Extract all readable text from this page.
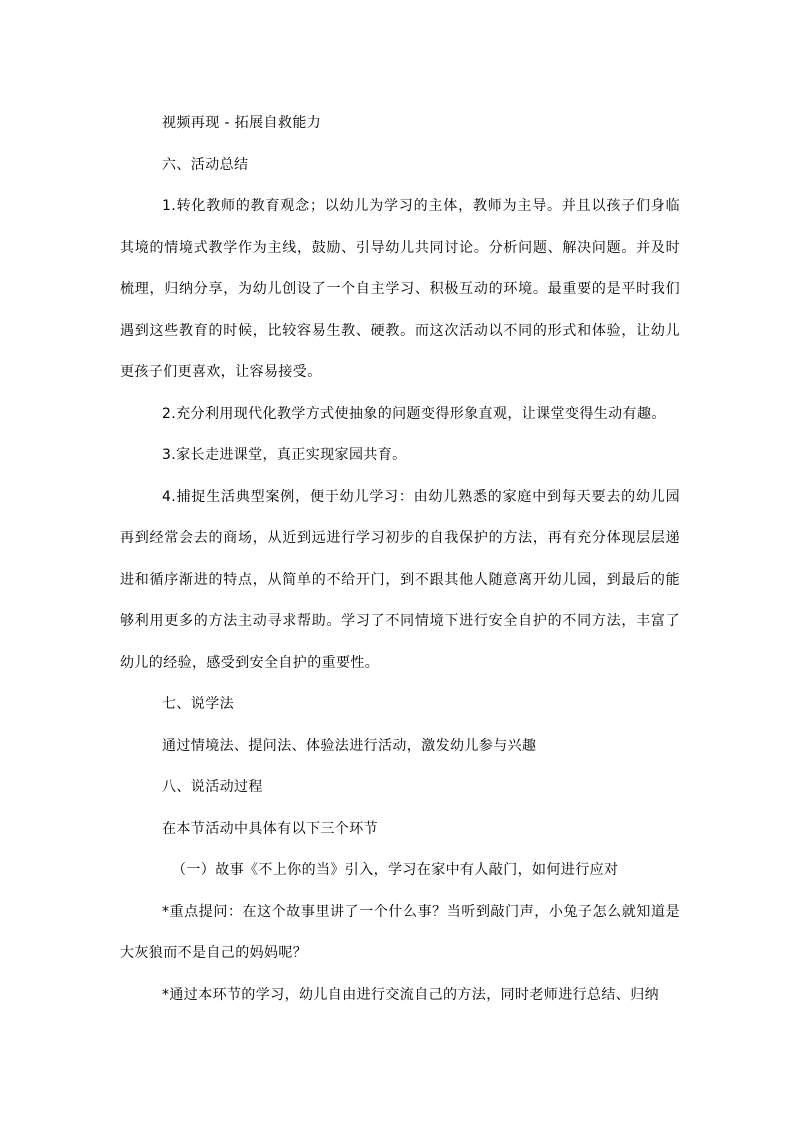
视频再现 - 拓展自救能力

六、活动总结

1.转化教师的教育观念；以幼儿为学习的主体，教师为主导。并且以孩子们身临其境的情境式教学作为主线，鼓励、引导幼儿共同讨论。分析问题、解决问题。并及时梳理，归纳分享，为幼儿创设了一个自主学习、积极互动的环境。最重要的是平时我们遇到这些教育的时候，比较容易生教、硬教。而这次活动以不同的形式和体验，让幼儿更孩子们更喜欢，让容易接受。

2.充分利用现代化教学方式使抽象的问题变得形象直观，让课堂变得生动有趣。

3.家长走进课堂，真正实现家园共育。

4.捕捉生活典型案例，便于幼儿学习：由幼儿熟悉的家庭中到每天要去的幼儿园再到经常会去的商场，从近到远进行学习初步的自我保护的方法，再有充分体现层层递进和循序渐进的特点，从简单的不给开门，到不跟其他人随意离开幼儿园，到最后的能够利用更多的方法主动寻求帮助。学习了不同情境下进行安全自护的不同方法，丰富了幼儿的经验，感受到安全自护的重要性。

七、说学法

通过情境法、提问法、体验法进行活动，激发幼儿参与兴趣

八、说活动过程

在本节活动中具体有以下三个环节

（一）故事《不上你的当》引入，学习在家中有人敲门，如何进行应对

*重点提问：在这个故事里讲了一个什么事？当听到敲门声，小兔子怎么就知道是大灰狼而不是自己的妈妈呢？

*通过本环节的学习，幼儿自由进行交流自己的方法，同时老师进行总结、归纳
